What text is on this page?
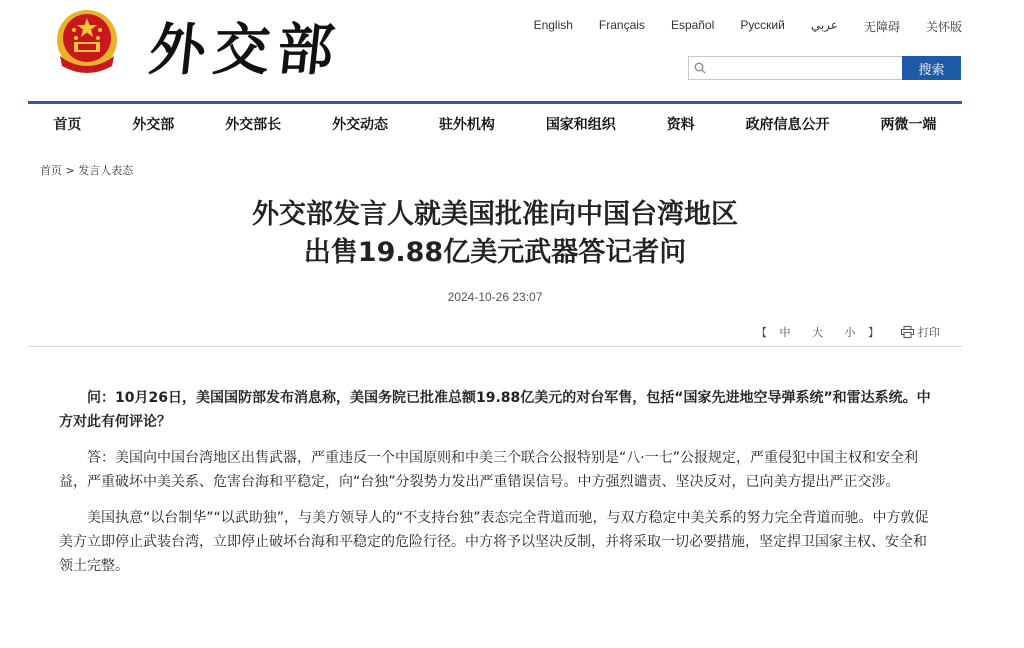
外交部	English Français Español Русский عربي 无障碍 关怀版
搜索
首页	外交部	外交部长	外交动态	驻外机构	国家和组织	资料	政府信息公开	两微一端
首页 > 发言人表态
外交部发言人就美国批准向中国台湾地区
出售19.88亿美元武器答记者问
2024-10-26 23:07
【 中 大 小 】	打印

问：10月26日，美国国防部发布消息称，美国务院已批准总额19.88亿美元的对台军售，包括“国家先进地空导弹系统”和雷达系统。中方对此有何评论？

答：美国向中国台湾地区出售武器，严重违反一个中国原则和中美三个联合公报特别是“八·一七”公报规定，严重侵犯中国主权和安全利益，严重破坏中美关系、危害台海和平稳定，向“台独”分裂势力发出严重错误信号。中方强烈谴责、坚决反对，已向美方提出严正交涉。

美国执意“以台制华”“以武助独”，与美方领导人的“不支持台独”表态完全背道而驰，与双方稳定中美关系的努力完全背道而驰。中方敦促美方立即停止武装台湾，立即停止破坏台海和平稳定的危险行径。中方将予以坚决反制，并将采取一切必要措施，坚定捍卫国家主权、安全和领土完整。
